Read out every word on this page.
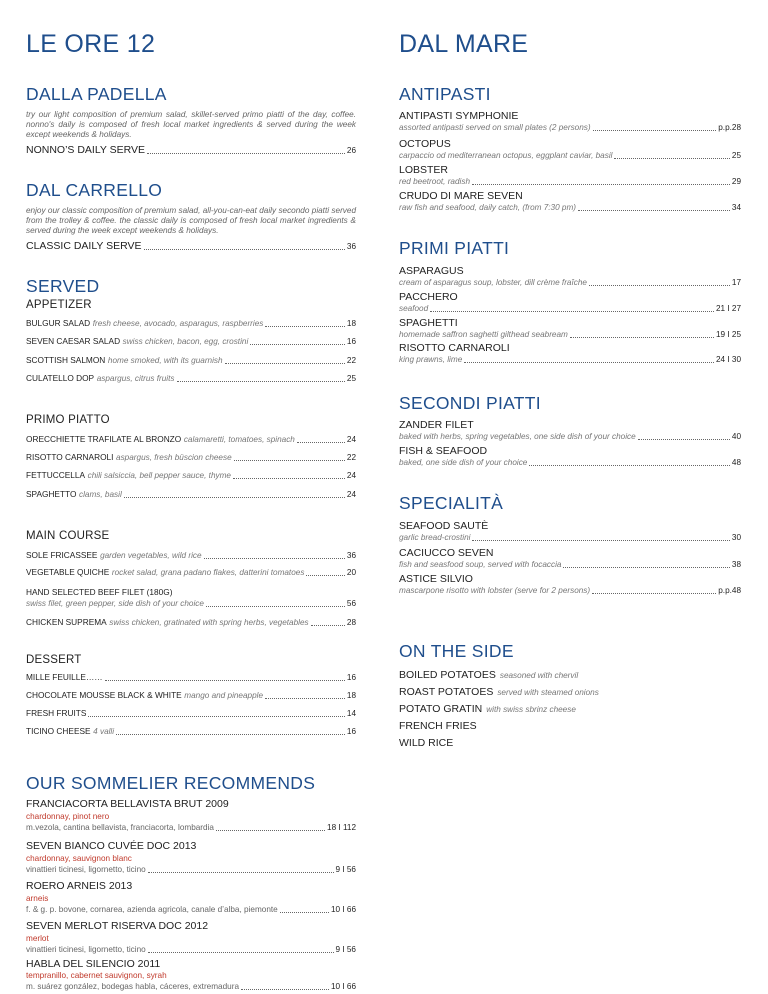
LE ORE 12
DALLA PADELLA
try our light composition of premium salad, skillet-served primo piatti of the day, coffee. nonno's daily is composed of fresh local market ingredients & served during the week except weekends & holidays.
NONNO’S DAILY SERVE	26
DAL CARRELLO
enjoy our classic composition of premium salad, all-you-can-eat daily secondo piatti served from the trolley & coffee. the classic daily is composed of fresh local market ingredients & served during the week except weekends & holidays.
CLASSIC DAILY SERVE	36
SERVED
APPETIZER
BULGUR SALAD
fresh cheese, avocado, asparagus, raspberries	18
SEVEN CAESAR SALAD
swiss chicken, bacon, egg, crostini	16
SCOTTISH SALMON
home smoked, with its guarnish	22
CULATELLO DOP
aspargus, citrus fruits	25
PRIMO PIATTO
ORECCHIETTE TRAFILATE AL BRONZO
calamaretti, tomatoes, spinach	24
RISOTTO CARNAROLI
aspargus, fresh büscion cheese	22
FETTUCCELLA
chili salsiccia, bell pepper sauce, thyme	24
SPAGHETTO
clams, basil	24
MAIN COURSE
SOLE FRICASSEE
garden vegetables, wild rice	36
VEGETABLE QUICHE
rocket salad, grana padano flakes, datterini tomatoes	20
HAND SELECTED BEEF FILET (180G)
swiss filet, green pepper, side dish of your choice	56
CHICKEN SUPREMA
swiss chicken, gratinated with spring herbs, vegetables	28
DESSERT
MILLE FEUILLE……	16
CHOCOLATE MOUSSE BLACK & WHITE
mango and pineapple	18
FRESH FRUITS	14
TICINO CHEESE
4 valli	16
OUR SOMMELIER RECOMMENDS
FRANCIACORTA BELLAVISTA BRUT 2009
chardonnay, pinot nero
m.vezola, cantina bellavista, franciacorta, lombardia	18 I 112
SEVEN BIANCO CUVÉE DOC 2013
chardonnay, sauvignon blanc
vinattieri ticinesi, ligornetto, ticino	9 I 56
ROERO ARNEIS 2013
arneis
f. & g. p. bovone, cornarea, azienda agricola, canale d’alba, piemonte	10 I 66
SEVEN MERLOT RISERVA DOC 2012
merlot
vinattieri ticinesi, ligornetto, ticino	9 I 56
HABLA DEL SILENCIO 2011
tempranillo, cabernet sauvignon, syrah
m. suárez gonzález, bodegas habla, cáceres, extremadura	10 I 66
DAL MARE
ANTIPASTI
ANTIPASTI SYMPHONIE
assorted antipasti served on small plates (2 persons)	p.p.28
OCTOPUS
carpaccio od mediterranean octopus, eggplant caviar, basil	25
LOBSTER
red beetroot, radish	29
CRUDO DI MARE SEVEN
raw fish and seafood, daily catch, (from 7:30 pm)	34
PRIMI PIATTI
ASPARAGUS
cream of asparagus soup, lobster, dill crème fraîche	17
PACCHERO
seafood	21 I 27
SPAGHETTI
homemade saffron saghetti gilthead seabream	19 I 25
RISOTTO CARNAROLI
king prawns, lime	24 I 30
SECONDI PIATTI
ZANDER FILET
baked with herbs, spring vegetables, one side dish of your choice	40
FISH & SEAFOOD
baked, one side dish of your choice	48
SPECIALITÀ
SEAFOOD SAUTÈ
garlic bread-crostini	30
CACIUCCO SEVEN
fish and seasfood soup, served with focaccia	38
ASTICE SILVIO
mascarpone risotto with lobster (serve for 2 persons)	p.p.48
ON THE SIDE
BOILED POTATOES seasoned with chervil
ROAST POTATOES served with steamed onions
POTATO GRATIN with swiss sbrinz cheese
FRENCH FRIES
WILD RICE
